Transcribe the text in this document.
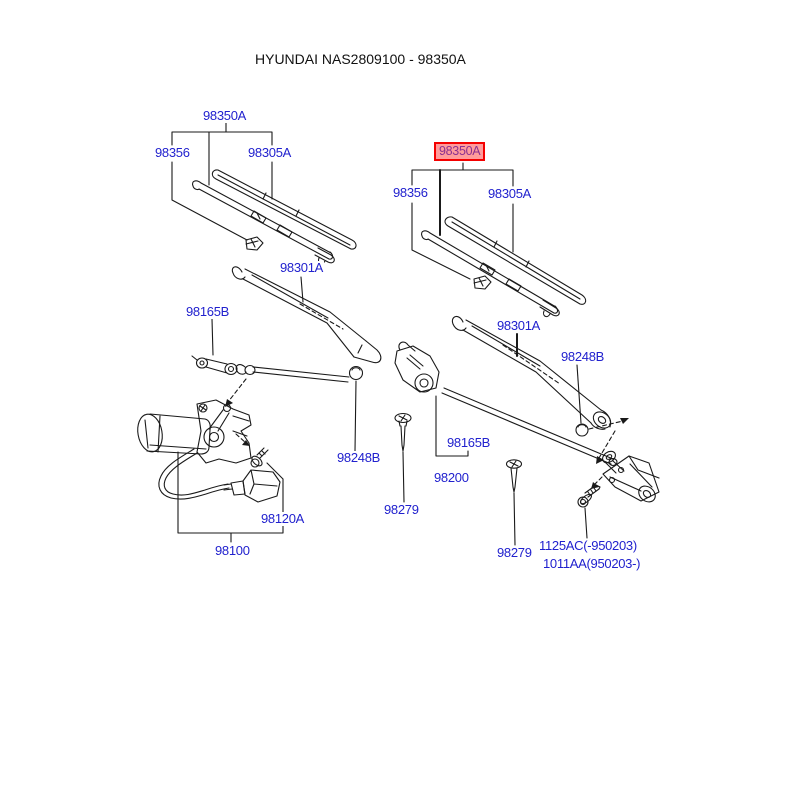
HYUNDAI NAS2809100 - 98350A
98350A
98356	98305A	98350A
98356	98305A
98301A
98301A
98165B
98165B
98248B
98248B
98200
98279
98279 1125AC(-950203)
1011AA(950203-)
98120A
98100
